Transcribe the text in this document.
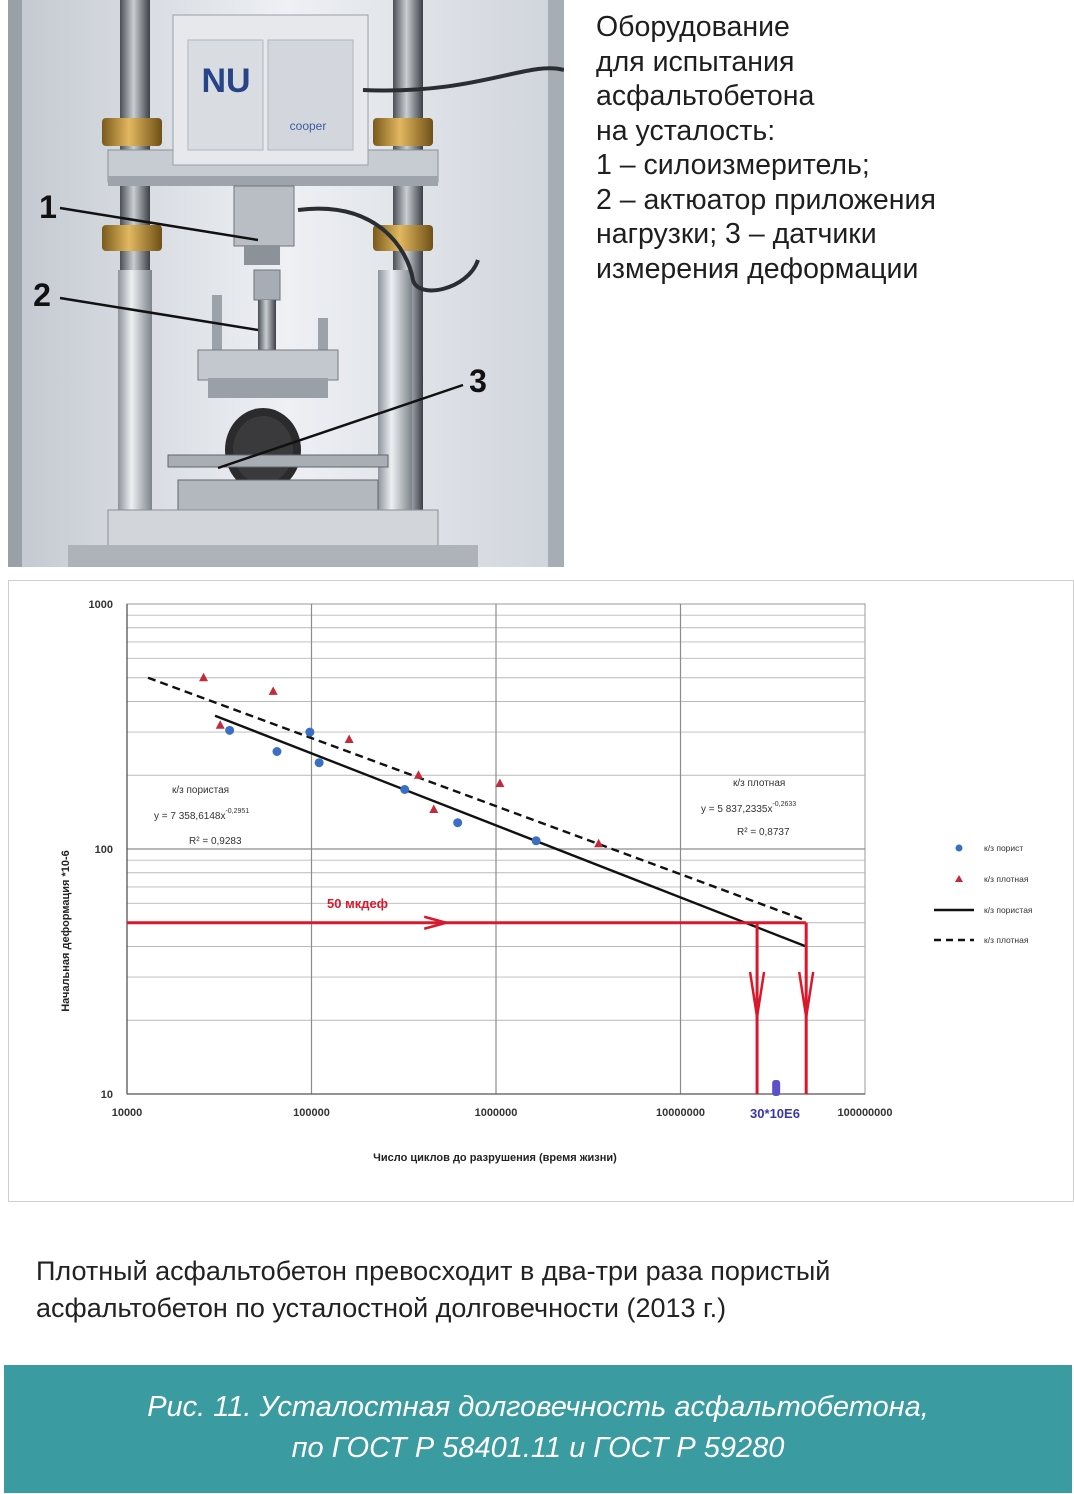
NU
cooper
1
2
3
Оборудование
для испытания
асфальтобетона
на усталость:
1 – силоизмеритель;
2 – актюатор приложения
нагрузки; 3 – датчики
измерения деформации
10000	100000	1000000	10000000	100000000
10
100
1000
Число циклов до разрушения (время жизни)
Начальная деформация *10-6
к/з порист
к/з плотная
к/з пористая
к/з плотная
к/з пористая
y = 7 $358,6148x^{-0,2951}$
R² = 0,9283
к/з плотная
y = 5 $837,2335x^{-0,2633}$
R² = 0,8737
50 мкдеф
30*10E6
Плотный асфальтобетон превосходит в два-три раза пористый
асфальтобетон по усталостной долговечности (2013 г.)
Рис. 11. Усталостная долговечность асфальтобетона,
по ГОСТ Р 58401.11 и ГОСТ Р 59280
